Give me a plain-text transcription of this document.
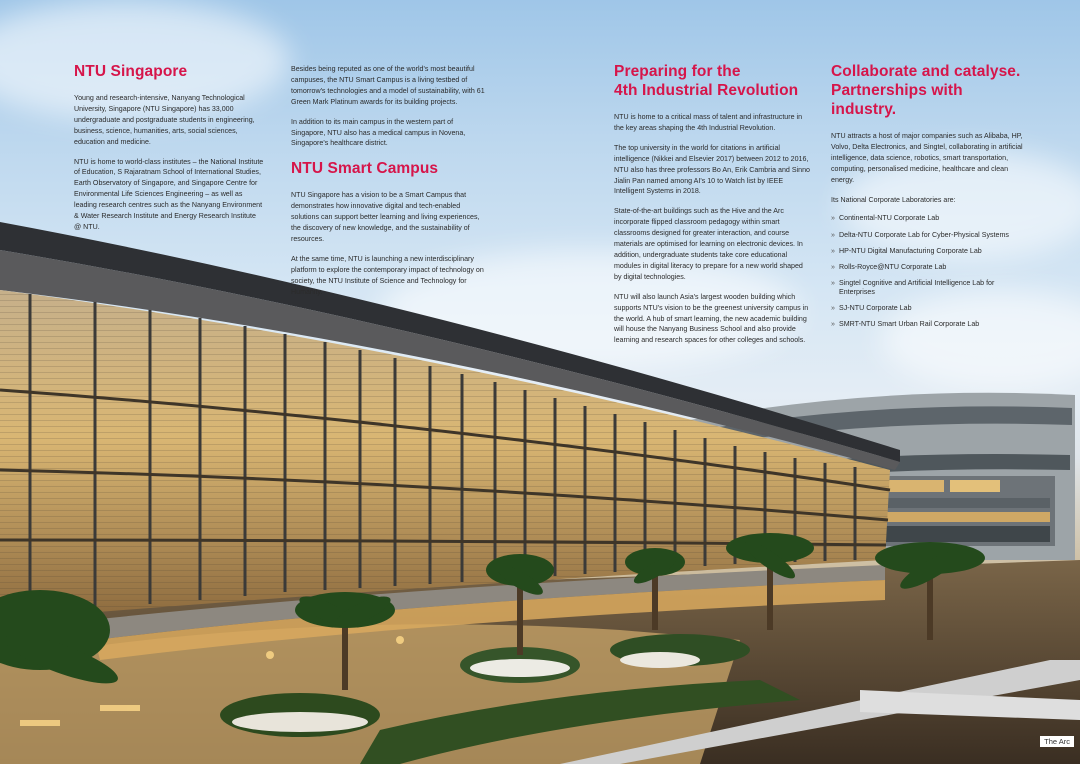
NTU Singapore

Young and research-intensive, Nanyang Technological University, Singapore (NTU Singapore) has 33,000 undergraduate and postgraduate students in engineering, business, science, humanities, arts, social sciences, education and medicine.

NTU is home to world-class institutes – the National Institute of Education, S Rajaratnam School of International Studies, Earth Observatory of Singapore, and Singapore Centre for Environmental Life Sciences Engineering – as well as leading research centres such as the Nanyang Environment & Water Research Institute and Energy Research Institute @ NTU.

Besides being reputed as one of the world's most beautiful campuses, the NTU Smart Campus is a living testbed of tomorrow's technologies and a model of sustainability, with 61 Green Mark Platinum awards for its building projects.

In addition to its main campus in the western part of Singapore, NTU also has a medical campus in Novena, Singapore's healthcare district.

NTU Smart Campus

NTU Singapore has a vision to be a Smart Campus that demonstrates how innovative digital and tech-enabled solutions can support better learning and living experiences, the discovery of new knowledge, and the sustainability of resources.

At the same time, NTU is launching a new interdisciplinary platform to explore the contemporary impact of technology on society, the NTU Institute of Science and Technology for Humanity.

Preparing for the
4th Industrial Revolution

NTU is home to a critical mass of talent and infrastructure in the key areas shaping the 4th Industrial Revolution.

The top university in the world for citations in artificial intelligence (Nikkei and Elsevier 2017) between 2012 to 2016, NTU also has three professors Bo An, Erik Cambria and Sinno Jialin Pan named among AI's 10 to Watch list by IEEE Intelligent Systems in 2018.

State-of-the-art buildings such as the Hive and the Arc incorporate flipped classroom pedagogy within smart classrooms designed for greater interaction, and course materials are optimised for learning on electronic devices. In addition, undergraduate students take core educational modules in digital literacy to prepare for a new world shaped by digital technologies.

NTU will also launch Asia's largest wooden building which supports NTU's vision to be the greenest university campus in the world. A hub of smart learning, the new academic building will house the Nanyang Business School and also provide learning and research spaces for other colleges and schools.

Collaborate and catalyse.
Partnerships with industry.

NTU attracts a host of major companies such as Alibaba, HP, Volvo, Delta Electronics, and Singtel, collaborating in artificial intelligence, data science, robotics, smart transportation, computing, personalised medicine, healthcare and clean energy.

Its National Corporate Laboratories are:

» Continental-NTU Corporate Lab
» Delta-NTU Corporate Lab for Cyber-Physical Systems
» HP-NTU Digital Manufacturing Corporate Lab
» Rolls-Royce@NTU Corporate Lab
» Singtel Cognitive and Artificial Intelligence Lab for Enterprises
» SJ-NTU Corporate Lab
» SMRT-NTU Smart Urban Rail Corporate Lab
The Arc
